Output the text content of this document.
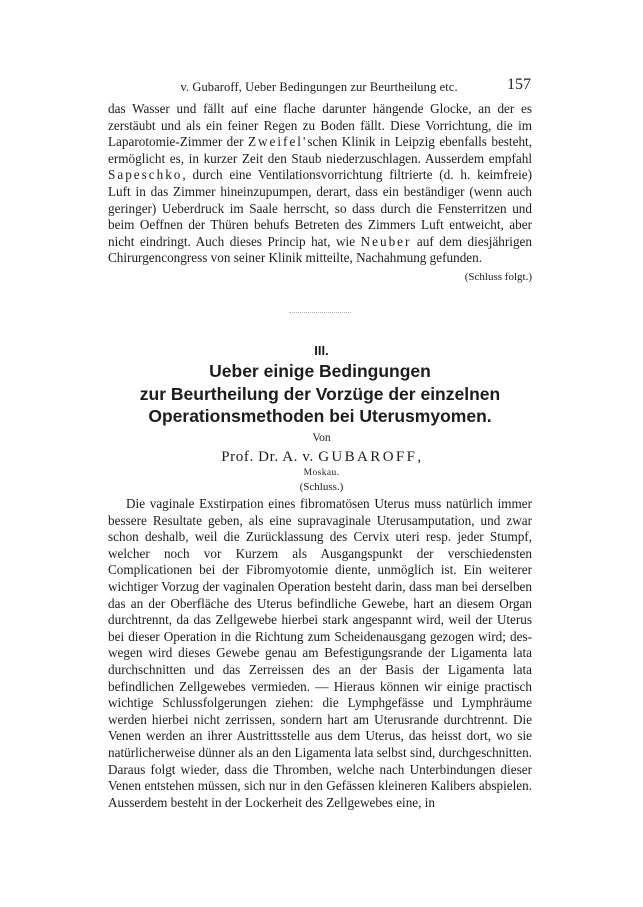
v. Gubaroff, Ueber Bedingungen zur Beurtheilung etc.	157
das Wasser und fällt auf eine flache darunter hängende Glocke, an der es zerstäubt und als ein feiner Regen zu Boden fällt. Diese Vorrichtung, die im Laparotomie-Zimmer der Zweifel'schen Klinik in Leipzig ebenfalls besteht, ermöglicht es, in kurzer Zeit den Staub niederzuschlagen. Ausserdem empfahl Sapeschko, durch eine Ventilationsvorrichtung filtrierte (d. h. keimfreie) Luft in das Zimmer hineinzupumpen, derart, dass ein beständiger (wenn auch geringer) Ueberdruck im Saale herrscht, so dass durch die Fensterritzen und beim Oeffnen der Thüren behufs Betreten des Zimmers Luft entweicht, aber nicht eindringt. Auch dieses Princip hat, wie Neuber auf dem diesjährigen Chirurgencongress von seiner Klinik mitteilte, Nachahmung gefunden.
(Schluss folgt.)
III.
Ueber einige Bedingungen
zur Beurtheilung der Vorzüge der einzelnen
Operationsmethoden bei Uterusmyomen.
Von
Prof. Dr. A. v. GUBAROFF,
Moskau.
(Schluss.)
Die vaginale Exstirpation eines fibromatösen Uterus muss natürlich immer bessere Resultate geben, als eine supravaginale Uterusamputation, und zwar schon deshalb, weil die Zurücklassung des Cervix uteri resp. jeder Stumpf, welcher noch vor Kurzem als Ausgangspunkt der verschiedensten Complicationen bei der Fibromyotomie diente, unmöglich ist. Ein weiterer wichtiger Vorzug der vaginalen Operation besteht darin, dass man bei derselben das an der Oberfläche des Uterus befindliche Gewebe, hart an diesem Organ durchtrennt, da das Zellgewebe hierbei stark angespannt wird, weil der Uterus bei dieser Operation in die Richtung zum Scheidenausgang gezogen wird; deswegen wird dieses Gewebe genau am Befestigungsrande der Ligamenta lata durchschnitten und das Zerreissen des an der Basis der Ligamenta lata befindlichen Zellgewebes vermieden. — Hieraus können wir einige practisch wichtige Schlussfolgerungen ziehen: die Lymphgefässe und Lymphräume werden hierbei nicht zerrissen, sondern hart am Uterusrande durchtrennt. Die Venen werden an ihrer Austrittsstelle aus dem Uterus, das heisst dort, wo sie natürlicherweise dünner als an den Ligamenta lata selbst sind, durchgeschnitten. Daraus folgt wieder, dass die Thromben, welche nach Unterbindungen dieser Venen entstehen müssen, sich nur in den Gefässen kleineren Kalibers abspielen. Ausserdem besteht in der Lockerheit des Zellgewebes eine, in
